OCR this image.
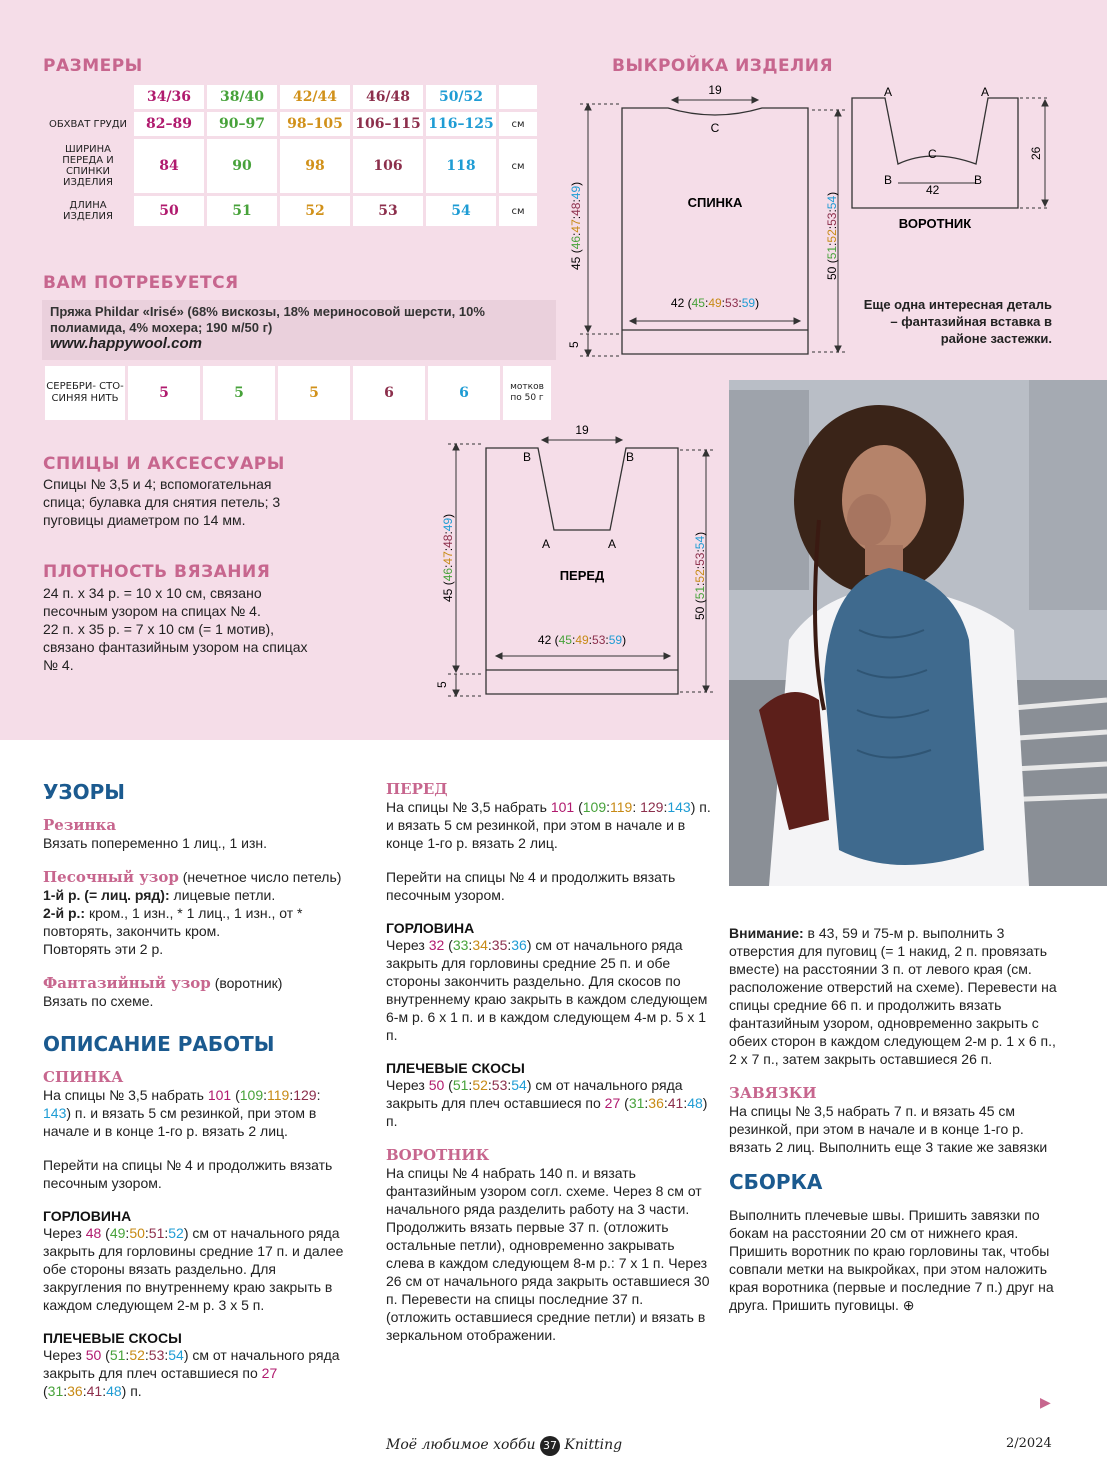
РАЗМЕРЫ
	34/36	38/40	42/44	46/48	50/52	
ОБХВАТ ГРУДИ	82–89	90–97	98–105	106–115	116–125	см
ШИРИНА ПЕРЕДА И СПИНКИ ИЗДЕЛИЯ	84	90	98	106	118	см
ДЛИНА ИЗДЕЛИЯ	50	51	52	53	54	см
ВАМ ПОТРЕБУЕТСЯ
Пряжа Phildar «Irisé» (68% вискозы, 18% мериносовой шерсти, 10% полиамида, 4% мохера; 190 м/50 г)
www.happywool.com
СЕРЕБРИ- СТО- СИНЯЯ НИТЬ	5	5	5	6	6	мотков по 50 г
СПИЦЫ И АКСЕССУАРЫ
Спицы № 3,5 и 4; вспомогательная спица; булавка для снятия петель; 3 пуговицы диаметром по 14 мм.
ПЛОТНОСТЬ ВЯЗАНИЯ

24 п. х 34 р. = 10 х 10 см, связано песочным узором на спицах № 4.

22 п. х 35 р. = 7 х 10 см (= 1 мотив), связано фантазийным узором на спицах № 4.

ВЫКРОЙКА ИЗДЕЛИЯ
19
C
СПИНКА
42 (45:49:53:59)
45 (46:47:48:49)
50 (51:52:53:54)
5
A	A
B	B
C
42
26
ВОРОТНИК
Еще одна интересная деталь – фантазийная вставка в районе застежки.
19
B	B
A	A
ПЕРЕД
42 (45:49:53:59)
45 (46:47:48:49)
50 (51:52:53:54)
5
УЗОРЫ
Резинка
Вязать попеременно 1 лиц., 1 изн.
Песочный узор (нечетное число петель)
1-й р. (= лиц. ряд): лицевые петли.
2-й р.: кром., 1 изн., * 1 лиц., 1 изн., от * повторять, закончить кром.
Повторять эти 2 р.
Фантазийный узор (воротник)
Вязать по схеме.
ОПИСАНИЕ РАБОТЫ
СПИНКА
На спицы № 3,5 набрать 101 (109:119:129: 143) п. и вязать 5 см резинкой, при этом в начале и в конце 1-го р. вязать 2 лиц.
Перейти на спицы № 4 и продолжить вязать песочным узором.
ГОРЛОВИНА
Через 48 (49:50:51:52) см от начального ряда закрыть для горловины средние 17 п. и далее обе стороны вязать раздельно. Для закругления по внутреннему краю закрыть в каждом следующем 2-м р. 3 х 5 п.
ПЛЕЧЕВЫЕ СКОСЫ
Через 50 (51:52:53:54) см от начального ряда закрыть для плеч оставшиеся по 27 (31:36:41:48) п.
ПЕРЕД
На спицы № 3,5 набрать 101 (109:119: 129:143) п. и вязать 5 см резинкой, при этом в начале и в конце 1-го р. вязать 2 лиц.
Перейти на спицы № 4 и продолжить вязать песочным узором.
ГОРЛОВИНА
Через 32 (33:34:35:36) см от начального ряда закрыть для горловины средние 25 п. и обе стороны закончить раздельно. Для скосов по внутреннему краю закрыть в каждом следующем 6-м р. 6 х 1 п. и в каждом следующем 4-м р. 5 х 1 п.
ПЛЕЧЕВЫЕ СКОСЫ
Через 50 (51:52:53:54) см от начального ряда закрыть для плеч оставшиеся по 27 (31:36:41:48) п.
ВОРОТНИК
На спицы № 4 набрать 140 п. и вязать фантазийным узором согл. схеме. Через 8 см от начального ряда разделить работу на 3 части. Продолжить вязать первые 37 п. (отложить остальные петли), одновременно закрывать слева в каждом следующем 8-м р.: 7 х 1 п. Через 26 см от начального ряда закрыть оставшиеся 30 п. Перевести на спицы последние 37 п. (отложить оставшиеся средние петли) и вязать в зеркальном отображении.
Внимание: в 43, 59 и 75-м р. выполнить 3 отверстия для пуговиц (= 1 накид, 2 п. провязать вместе) на расстоянии 3 п. от левого края (см. расположение отверстий на схеме). Перевести на спицы средние 66 п. и продолжить вязать фантазийным узором, одновременно закрыть с обеих сторон в каждом следующем 2-м р. 1 х 6 п., 2 х 7 п., затем закрыть оставшиеся 26 п.
ЗАВЯЗКИ
На спицы № 3,5 набрать 7 п. и вязать 45 см резинкой, при этом в начале и в конце 1-го р. вязать 2 лиц. Выполнить еще 3 такие же завязки
СБОРКА
Выполнить плечевые швы. Пришить завязки по бокам на расстоянии 20 см от нижнего края. Пришить воротник по краю горловины так, чтобы совпали метки на выкройках, при этом наложить края воротника (первые и последние 7 п.) друг на друга. Пришить пуговицы. ⊕
▶
Моё любимое хобби 37 Knitting	2/2024
